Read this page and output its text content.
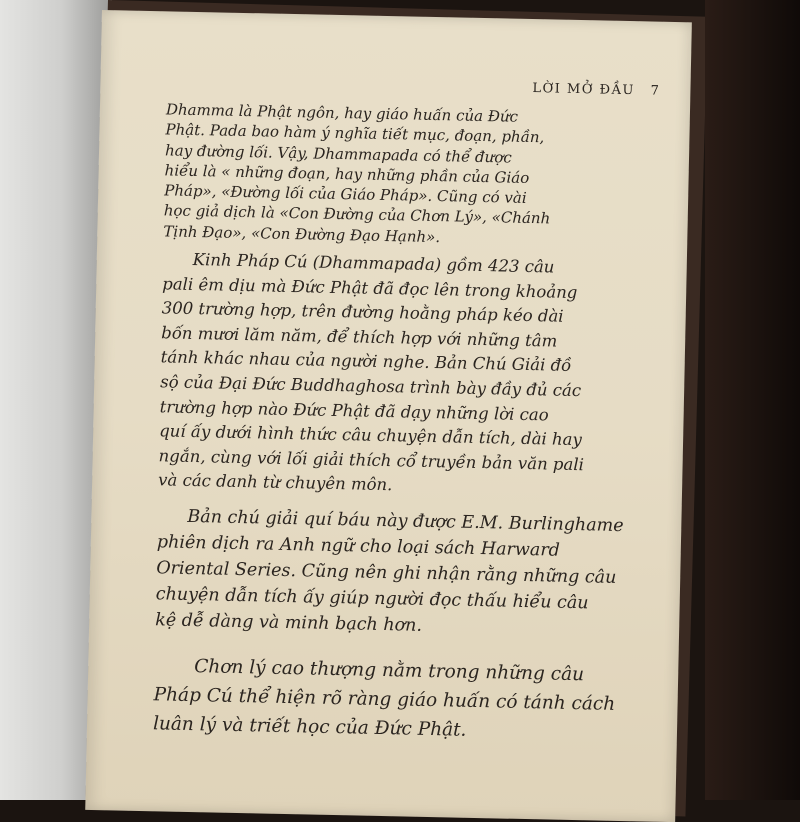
LỜI MỞ ĐẦU 7
Dhamma là Phật ngôn, hay giáo huấn của Đức
Phật. Pada bao hàm ý nghĩa tiết mục, đoạn, phần,
hay đường lối. Vậy, Dhammapada có thể được
hiểu là « những đoạn, hay những phần của Giáo
Pháp», «Đường lối của Giáo Pháp». Cũng có vài
học giả dịch là «Con Đường của Chơn Lý», «Chánh
Tịnh Đạo», «Con Đường Đạo Hạnh».
Kinh Pháp Cú (Dhammapada) gồm 423 câu
pali êm dịu mà Đức Phật đã đọc lên trong khoảng
300 trường hợp, trên đường hoằng pháp kéo dài
bốn mươi lăm năm, để thích hợp với những tâm
tánh khác nhau của người nghe. Bản Chú Giải đồ
sộ của Đại Đức Buddhaghosa trình bày đầy đủ các
trường hợp nào Đức Phật đã dạy những lời cao
quí ấy dưới hình thức câu chuyện dẫn tích, dài hay
ngắn, cùng với lối giải thích cổ truyền bản văn pali
và các danh từ chuyên môn.
Bản chú giải quí báu này được E.M. Burlinghame
phiên dịch ra Anh ngữ cho loại sách Harward
Oriental Series. Cũng nên ghi nhận rằng những câu
chuyện dẫn tích ấy giúp người đọc thấu hiểu câu
kệ dễ dàng và minh bạch hơn.
Chơn lý cao thượng nằm trong những câu
Pháp Cú thể hiện rõ ràng giáo huấn có tánh cách
luân lý và triết học của Đức Phật.
